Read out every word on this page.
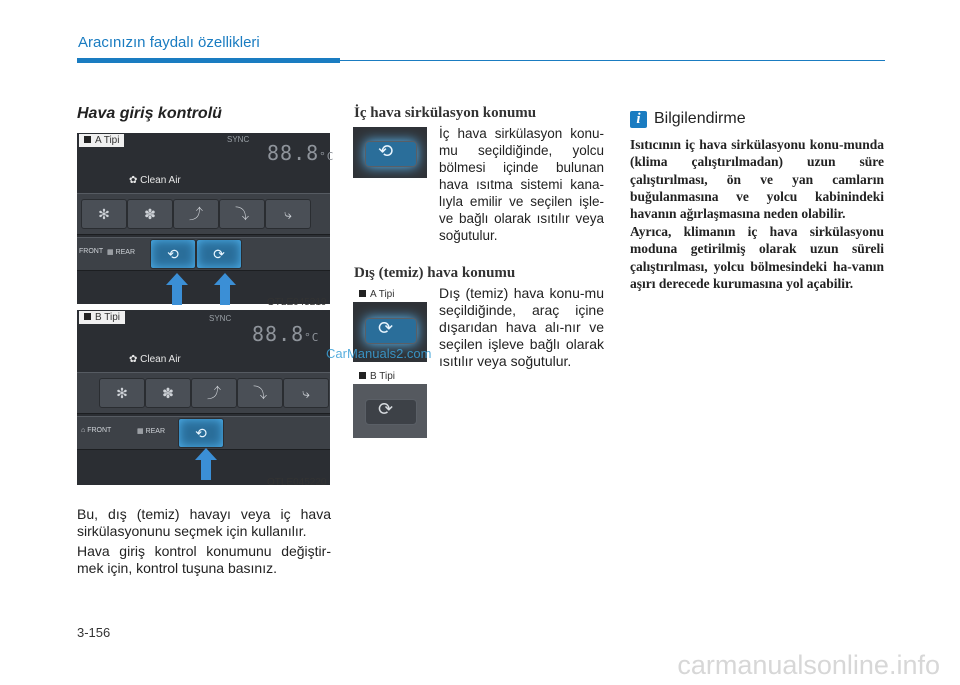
Aracınızın faydalı özellikleri
Hava giriş kontrolü
88.8°C
SYNC
✿ Clean Air
✻	✽	⤴	⤵	⤷
FRONT ▦ REAR	⟲	⟳
A Tipi
OTLE045219
88.8°C
SYNC
✿ Clean Air
✻	✽	⤴	⤵	⤷
⌂ FRONT	▦ REAR	⟲
B Tipi
OTLE045220
Bu, dış (temiz) havayı veya iç hava sirkülasyonunu seçmek için kullanılır.
Hava giriş kontrol konumunu değiştir-mek için, kontrol tuşuna basınız.
İç hava sirkülasyon konumu
⟲
İç hava sirkülasyon konu-mu seçildiğinde, yolcu bölmesi içinde bulunan hava ısıtma sistemi kana-lıyla emilir ve seçilen işle-ve bağlı olarak ısıtılır veya soğutulur.
Dış (temiz) hava konumu
A Tipi
⟳
B Tipi
⟳
Dış (temiz) hava konu-mu seçildiğinde, araç içine dışarıdan hava alı-nır ve seçilen işleve bağlı olarak ısıtılır veya soğutulur.
i Bilgilendirme
Isıtıcının iç hava sirkülasyonu konu-munda (klima çalıştırılmadan) uzun süre çalıştırılması, ön ve yan camların buğulanmasına ve yolcu kabinindeki havanın ağırlaşmasına neden olabilir.
Ayrıca, klimanın iç hava sirkülasyonu moduna getirilmiş olarak uzun süreli çalıştırılması, yolcu bölmesindeki ha-vanın aşırı derecede kurumasına yol açabilir.
3-156
CarManuals2.com
carmanualsonline.info
